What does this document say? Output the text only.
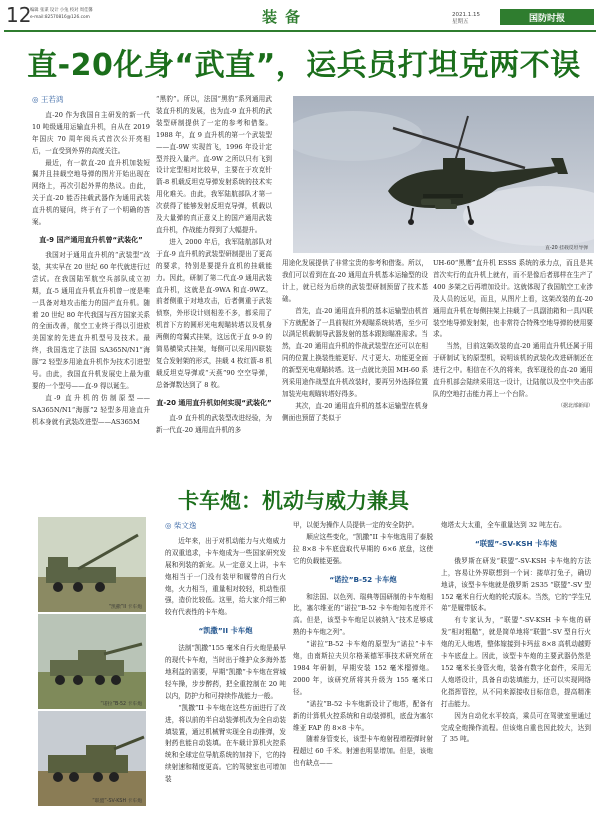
12
编辑 张谋 设计 小兔 校对 周佳馨
e-mail:82570816@126.com	装备	2021.1.15
星期五	国防时报
直-20化身“武直”，运兵员打坦克两不误

◎ 王若鸿

直-20 作为我国自主研发的新一代 10 吨级通用运输直升机，自从在 2019 年国庆 70 周年阅兵式首次公开亮相后，一直受到外界的高度关注。

最近，有一款直-20 直升机加装短翼并且挂载空地导弹的图片开始出现在网络上，再次引起外界的热议。由此，关于直-20 能否挂载武器作为通用武装直升机的疑问，终于有了一个明确的答案。

直-9 国产通用直升机曾“武装化”

我国对于通用直升机的“武装型”改装，其实早在 20 世纪 60 年代就进行过尝试。在我国陆军航空兵部队成立初期，直-5 通用直升机直升机曾一度是唯一具备对地攻击能力的国产直升机。随着 20 世纪 80 年代我国与西方国家关系的全面改善，航空工业终于得以引进欧美国家的先进直升机型号及技术。最终，我国选定了法国 SA365N/N1“海豚”2 轻型多用途直升机作为技术引进型号。由此，我国直升机发展史上最为重要的一个型号——直-9 得以诞生。

直-9 直升机的仿制原型——SA365N/N1“海豚”2 轻型多用途直升机本身就有武装改进型——AS365M

“黑豹”。所以，法国“黑豹”系列通用武装直升机的发展，也为直-9 直升机的武装型研制提供了一定的参考和借鉴。1988 年，直 9 直升机的第一个武装型——直-9W 实现首飞，1996 年设计定型并投入量产。直-9W 之所以只有飞到设计定型相对比较早，主要在于攻克针箭-8 机载反坦克导弹发射系统的技术实用化难关。由此，我军陆航部队才第一次获得了能够发射反坦克导弹，机载以及大量弹的真正意义上的国产通用武装直升机，作战能力得到了大幅提升。

进入 2000 年后，我军陆航部队对于直-9 直升机的武装型研制提出了更高的要求，特别是要提升直机的挂载能力。因此，研制了第二代直-9 通用武装直升机，这就是直-9WA 和直-9WZ。前者侧重于对地攻击，后者侧重于武装侦察，外形设计则相差不多，都采用了机首下方的圆形光电观瞄转塔以及机身两侧的弯翼式挂架，这远优于直 9-9 的简易横梁式挂架，每侧可以采用四联装复合发射架的形式，挂载 4 枚红箭-8 机载反坦克导弹或“天燕”90 空空导弹，总备弹数达到了 8 枚。

直-20 通用直升机如何实现“武装化”

直-9 直升机的武装型改进经验，为新一代直-20 通用直升机的多

直-20 挂载反坦导弹

用途化发展提供了非常宝贵的参考和借鉴。所以，我们可以看到在直-20 通用直升机基本运输型的设计上，就已经为后续的武装型研制预留了技术基础。

首先，直-20 通用直升机的基本运输型由机首下方就配备了一具前视红外观瞄系统转塔，至少可以满足机载制导武器发射的基本跟踪瞄准需求。当然，直-20 通用直升机的作战武装型在还可以在相同的位置上换装性能更好、尺寸更大、功能更全面的新型光电观瞄转塔。这一点就比美国 MH-60 系列采用途作战型直升机改装时，要再另外选择位置加装光电观瞄转塔好得多。

其次，直-20 通用直升机的基本运输型在机身侧面也预留了类似于

UH-60“黑鹰”直升机 ESSS 系统的承力点，而且是其首次实行的直升机上就有，而不是像后者那样在生产了 400 多架之后再增加设计。这就体现了我国航空工业涉及人员的远见，而且，从图片上看，这架改装的直-20 通用直升机在每侧挂架上挂载了一具副油箱和一具四联装空地导弹发射架，也非常符合特殊空地导弹的使用要求。

当然，目前这架改装的直-20 通用直升机还属于用于研制试飞的原型机，说明该机的武装化改进研制还在进行之中。相信在不久的将来，我军现役的直-20 通用直升机部会陆续采用这一设计，让陆航以及空中突击部队的空地打击能力再上一个台阶。

（据北部新闻）

卡车炮：机动与威力兼具
“凯撒”II 卡车炮
“诺拉”B-52 卡车炮
“联盟”-SV-KSH 卡车炮

◎ 柴文逸

近年来，出于对机动能力与火炮威力的双重追求，卡车炮成为一些国家研究发展和列装的新宠。从一定意义上讲，卡车炮相当于一门没有装甲和履带的自行火炮，火力相当，重量相对较轻，机动性很强，造价比较低。这里，给大家介绍三种较有代表性的卡车炮。

“凯撒”II 卡车炮

法制“凯撒”155 毫米自行火炮是最早的现代卡车炮，当时出于维护众多海外基地利益的需要，早期“凯撒”卡车炮在营城轻车操，步步醉药，把全重控制在 20 吨以内，防护力和可持续作战能力一般。

“凯撒”II 卡车炮在这些方面进行了改进，将以前的半自动装弹机改为全自动装填装置，通过机械臂实现全自动推弹，发射药也能自动装填。在车载计算机火控系统和全球定位导航系统的加持下，它的持续射速和精度更高。它的驾驶室也可增加装

甲，以便为操作人员提供一定的安全防护。

顺应这些变化，“凯撒”II 卡车炮选用了泰脱拉 8×8 卡车底盘取代早期的 6×6 底盘，这使它的负载能更强。

“诺拉”B-52 卡车炮

和法国、以色列、瑞典等国研制的卡车炮相比，塞尔维亚的“诺拉”B-52 卡车炮知名度并不高。但是，该型卡车炮足以被纳入“技术足够成熟的卡车炮之列”。

“诺拉”B-52 卡车炮的原型为“诺拉”卡车炮，由南斯拉夫贝尔格莱德军事技术研究所在 1984 年研制，早期安装 152 毫米榴弹炮。2000 年，该研究所将其升级为 155 毫米口径。

“诺拉”B-52 卡车炮新设计了炮塔，配备有新的计算机火控系统和自动装弹机，底盘为塞尔维亚 FAP 的 8×8 卡车。

随着身管变长，该型卡车炮射程增程弹时射程超过 60 千米。射速也明显增加。但是，该炮也有缺点——

炮塔太大太重，全车重量达到 32 吨左右。

“联盟”-SV-KSH 卡车炮

俄罗斯在研发“联盟”-SV-KSH 卡车炮的方法上，容易让外界联想到一个词：搂草打兔子，确切地讲，该型卡车炮就是俄罗斯 2S35 “联盟”-SV 型 152 毫米自行火炮的轮式版本。当然，它的“学生兄弟”是履带版本。

有专家认为，“联盟”-SV-KSH 卡车炮的研发“相对粗糙”，就是简单地将“联盟”-SV 型自行火炮的无人炮塔，整体嫁接到卡玛兹 8×8 高机动越野卡车底盘上。因此，该型卡车炮的主要武器仍然是 152 毫米长身管火炮，装备有数字化套件，采用无人炮塔设计，具备自动装填能力，还可以实现网络化指挥管控，从不同来源接收目标信息，提高精准打击能力。

因为自动化水平较高，乘员可在驾驶室里通过完成全炮操作流程。但该炮自重也因此较大，达到了 35 吨。
